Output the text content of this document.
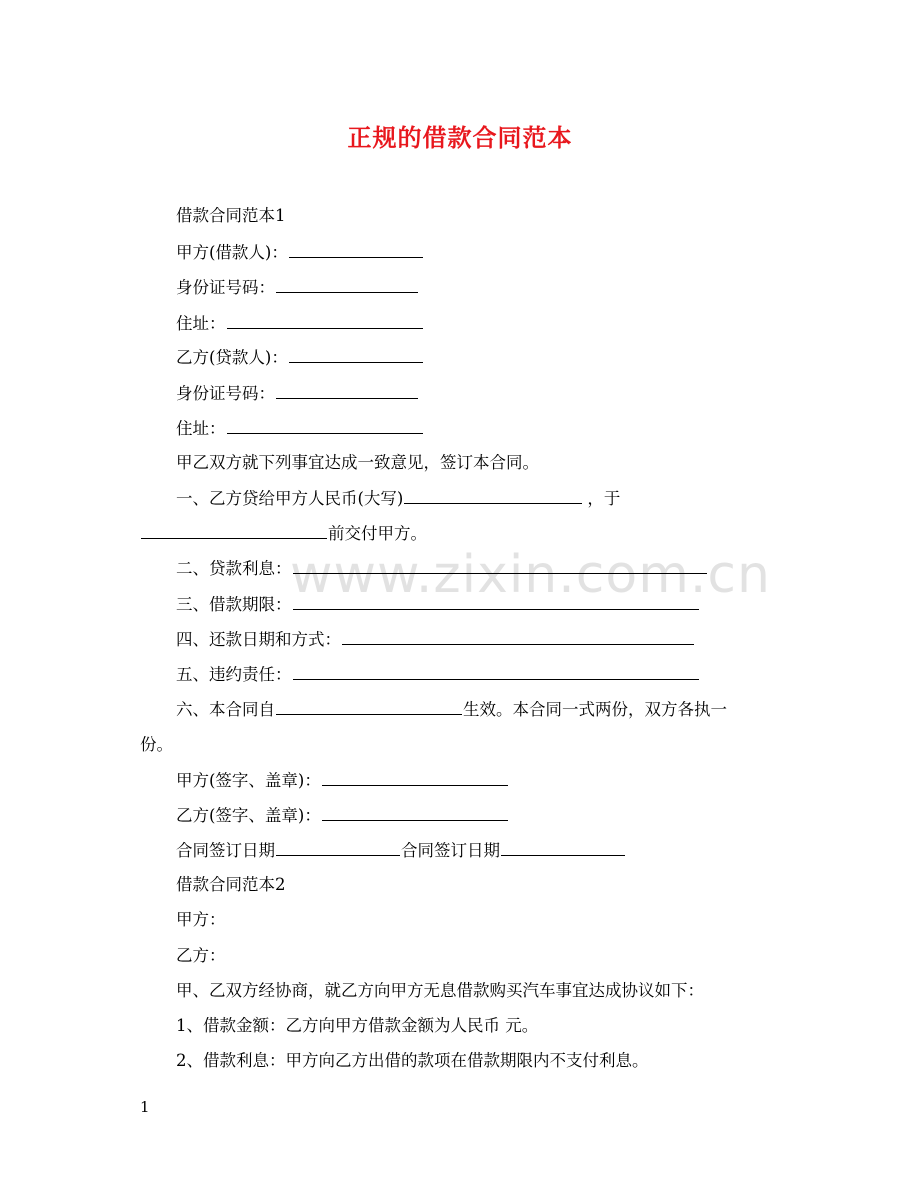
正规的借款合同范本
www.zixin.com.cn
借款合同范本1
甲方(借款人)：
身份证号码：
住址：
乙方(贷款人)：
身份证号码：
住址：
甲乙双方就下列事宜达成一致意见，签订本合同。
一、乙方贷给甲方人民币(大写)	，于
前交付甲方。
二、贷款利息：
三、借款期限：
四、还款日期和方式：
五、违约责任：
六、本合同自	生效。本合同一式两份，双方各执一
份。
甲方(签字、盖章)：
乙方(签字、盖章)：
合同签订日期	合同签订日期
借款合同范本2
甲方：
乙方：
甲、乙双方经协商，就乙方向甲方无息借款购买汽车事宜达成协议如下：
1、借款金额：乙方向甲方借款金额为人民币 元。
2、借款利息：甲方向乙方出借的款项在借款期限内不支付利息。
1
